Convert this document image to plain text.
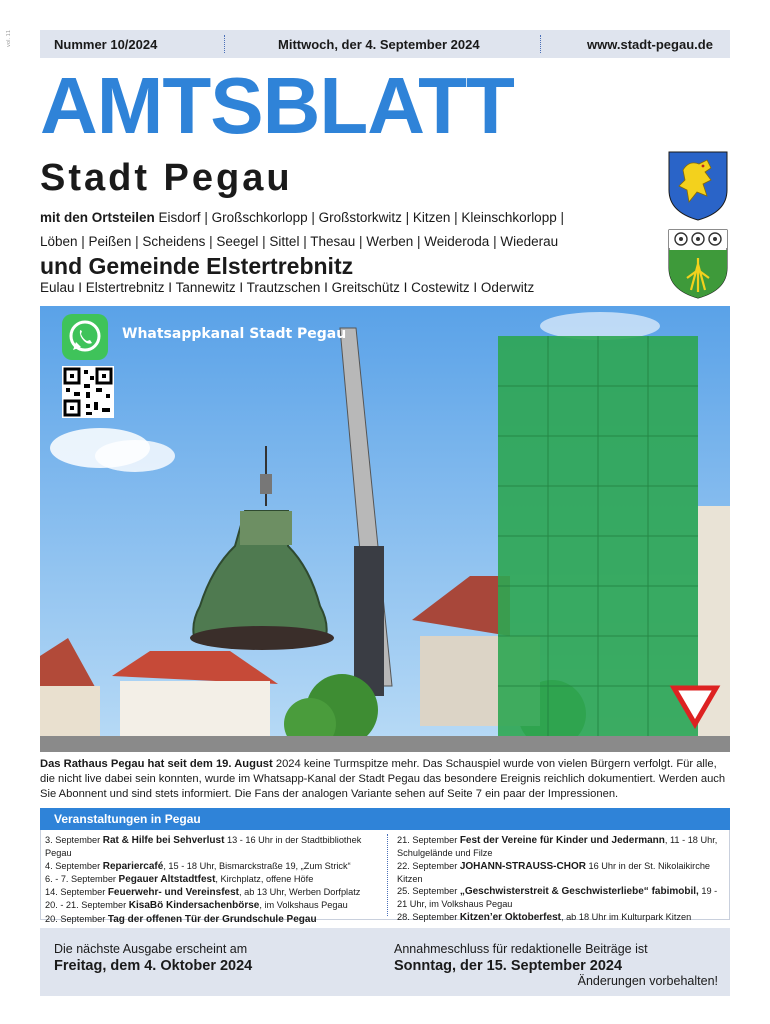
vol. 11	Nummer 10/2024	Mittwoch, der 4. September 2024	www.stadt-pegau.de
AMTSBLATT
Stadt Pegau
mit den Ortsteilen Eisdorf | Großschkorlopp | Großstorkwitz | Kitzen | Kleinschkorlopp |
Löben | Peißen | Scheidens | Seegel | Sittel | Thesau | Werben | Weideroda | Wiederau
und Gemeinde Elstertrebnitz
Eulau I Elstertrebnitz I Tannewitz I Trautzschen I Greitschütz I Costewitz I Oderwitz
Whatsappkanal Stadt Pegau
Das Rathaus Pegau hat seit dem 19. August 2024 keine Turmspitze mehr. Das Schauspiel wurde von vielen Bürgern verfolgt. Für alle, die nicht live dabei sein konnten, wurde im Whatsapp-Kanal der Stadt Pegau das besondere Ereignis reichlich dokumentiert. Werden auch Sie Abonnent und sind stets informiert. Die Fans der analogen Variante sehen auf Seite 7 ein paar der Impressionen.
Veranstaltungen in Pegau
3. September Rat & Hilfe bei Sehverlust 13 - 16 Uhr in der Stadtbibliothek Pegau
4. September Repariercafé, 15 - 18 Uhr, Bismarckstraße 19, „Zum Strick“
6. - 7. September Pegauer Altstadtfest, Kirchplatz, offene Höfe
14. September Feuerwehr- und Vereinsfest, ab 13 Uhr, Werben Dorfplatz
20. - 21. September KisaBö Kindersachenbörse, im Volkshaus Pegau
20. September Tag der offenen Tür der Grundschule Pegau
21. September Fest der Vereine für Kinder und Jedermann, 11 - 18 Uhr, Schulgelände und Filze
22. September JOHANN-STRAUSS-CHOR 16 Uhr in der St. Nikolaikirche Kitzen
25. September „Geschwisterstreit & Geschwisterliebe“ fabimobil, 19 - 21 Uhr, im Volkshaus Pegau
28. September Kitzen’er Oktoberfest, ab 18 Uhr im Kulturpark Kitzen
Die nächste Ausgabe erscheint am
Freitag, dem 4. Oktober 2024
Annahmeschluss für redaktionelle Beiträge ist
Sonntag, der 15. September 2024
Änderungen vorbehalten!
